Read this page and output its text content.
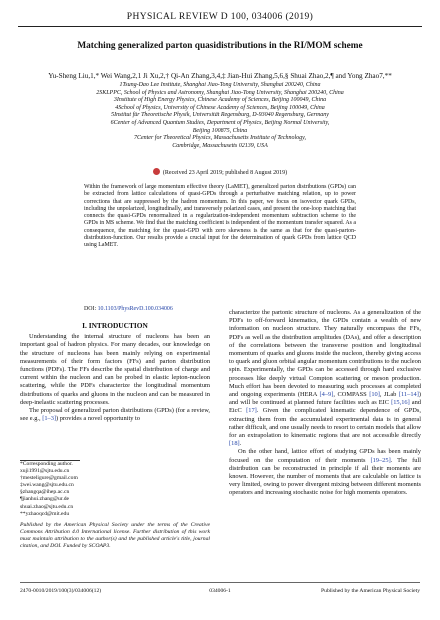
PHYSICAL REVIEW D 100, 034006 (2019)
Matching generalized parton quasidistributions in the RI/MOM scheme
Yu-Sheng Liu,1,* Wei Wang,2,1 Ji Xu,2,† Qi-An Zhang,3,4,‡ Jian-Hui Zhang,5,6,§ Shuai Zhao,2,¶ and Yong Zhao7,**
1Tsung-Dao Lee Institute, Shanghai Jiao-Tong University, Shanghai 200240, China
2SKLPPC, School of Physics and Astronomy, Shanghai Jiao-Tong University, Shanghai 200240, China
3Institute of High Energy Physics, Chinese Academy of Sciences, Beijing 100049, China
4School of Physics, University of Chinese Academy of Sciences, Beijing 100049, China
5Institut für Theoretische Physik, Universität Regensburg, D-93040 Regensburg, Germany
6Center of Advanced Quantum Studies, Department of Physics, Beijing Normal University,
Beijing 100875, China
7Center for Theoretical Physics, Massachusetts Institute of Technology,
Cambridge, Massachusetts 02139, USA
(Received 23 April 2019; published 8 August 2019)
Within the framework of large momentum effective theory (LaMET), generalized parton distributions (GPDs) can be extracted from lattice calculations of quasi-GPDs through a perturbative matching relation, up to power corrections that are suppressed by the hadron momentum. In this paper, we focus on isovector quark GPDs, including the unpolarized, longitudinally, and transversely polarized cases, and present the one-loop matching that connects the quasi-GPDs renormalized in a regularization-independent momentum subtraction scheme to the GPDs in MS scheme. We find that the matching coefficient is independent of the momentum transfer squared. As a consequence, the matching for the quasi-GPD with zero skewness is the same as that for the quasi-parton-distribution-function. Our results provide a crucial input for the determination of quark GPDs from lattice QCD using LaMET.
DOI: 10.1103/PhysRevD.100.034006
I. INTRODUCTION

Understanding the internal structure of nucleons has been an important goal of hadron physics. For many decades, our knowledge on the structure of nucleons has been mainly relying on experimental measurements of their form factors (FFs) and parton distribution functions (PDFs). The FFs describe the spatial distribution of charge and current within the nucleon and can be probed in elastic lepton-nucleon scattering, while the PDFs characterize the longitudinal momentum distributions of quarks and gluons in the nucleon and can be measured in deep-inelastic scattering processes.

The proposal of generalized parton distributions (GPDs) (for a review, see e.g., [1–3]) provides a novel opportunity to

characterize the partonic structure of nucleons. As a generalization of the PDFs to off-forward kinematics, the GPDs contain a wealth of new information on nucleon structure. They naturally encompass the FFs, PDFs as well as the distribution amplitudes (DAs), and offer a description of the correlations between the transverse position and longitudinal momentum of quarks and gluons inside the nucleon, thereby giving access to quark and gluon orbital angular momentum contributions to the nucleon spin. Experimentally, the GPDs can be accessed through hard exclusive processes like deeply virtual Compton scattering or meson production. Much effort has been devoted to measuring such processes at completed and ongoing experiments (HERA [4–9], COMPASS [10], JLab [11–14]) and will be continued at planned future facilities such as EIC [15,16] and EicC [17]. Given the complicated kinematic dependence of GPDs, extracting them from the accumulated experimental data is in general rather difficult, and one usually needs to resort to certain models that allow for an extrapolation to kinematic regions that are not accessible directly [18].

On the other hand, lattice effort of studying GPDs has been mainly focused on the computation of their moments [19–25]. The full distribution can be reconstructed in principle if all their moments are known. However, the number of moments that are calculable on lattice is very limited, owing to power divergent mixing between different moments operators and increasing stochastic noise for high moments operators.

*Corresponding author.
xuji1991@sjtu.edu.cn
†mesteligure@gmail.com
‡wei.wang@sjtu.edu.cn
§zhangqa@ihep.ac.cn
¶jianhui.zhang@ur.de
shuai.zhao@sjtu.edu.cn
**yzhaoqcd@mit.edu
Published by the American Physical Society under the terms of the Creative Commons Attribution 4.0 International license. Further distribution of this work must maintain attribution to the author(s) and the published article's title, journal citation, and DOI. Funded by SCOAP3.
2470-0010/2019/100(3)/034006(12)	034006-1	Published by the American Physical Society
